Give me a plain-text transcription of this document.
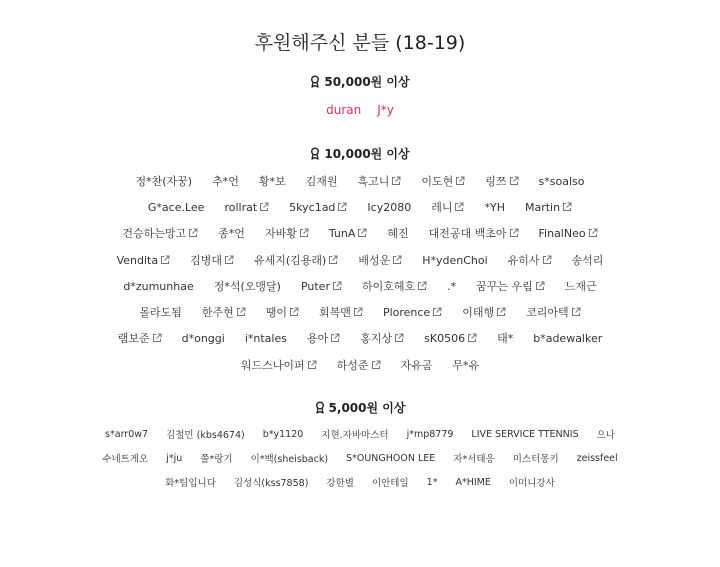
후원해주신 분들 (18-19)
50,000원 이상
duran J*y
10,000원 이상
정*찬(자꿍) 추*언 황*보 김재원 흑고니	이도현	링쯔	s*soalso
G*ace.Lee rollrat	5kyc1ad	Icy2080 레니	*YH Martin
건승하는망고	종*언 자바황	TunA	혜진 대전공대 백초아	FinalNeo
Vendita	김병대	유세지(김용래)	배성운	H*ydenChoi 유히사	송석리
d*zumunhae 정*석(오맹달) Puter	하이호헤호	.* 꿈꾸는 우림	느재근
몰라도됨 한주현	땡이	회복맨	Plorence	이태행	코리아텍
램보준	d*onggi i*ntales 용아	홍지상	sK0506	태* b*adewalker
워드스나이퍼	하성준	자유곰 무*유
5,000원 이상
s*arr0w7 김철민 (kbs4674) b*y1120 지현.자바마스터 j*mp8779 LIVE SERVICE TTENNIS 으나
수네트게오 j*ju 쭐*랑기 이*백(sheisback) S*OUNGHOON LEE 자*서태응 미스터몽키 zeissfeel
화*팀입니다 김성식(kss7858) 강한별 이안테일 1* A*HIME 이미니강사
